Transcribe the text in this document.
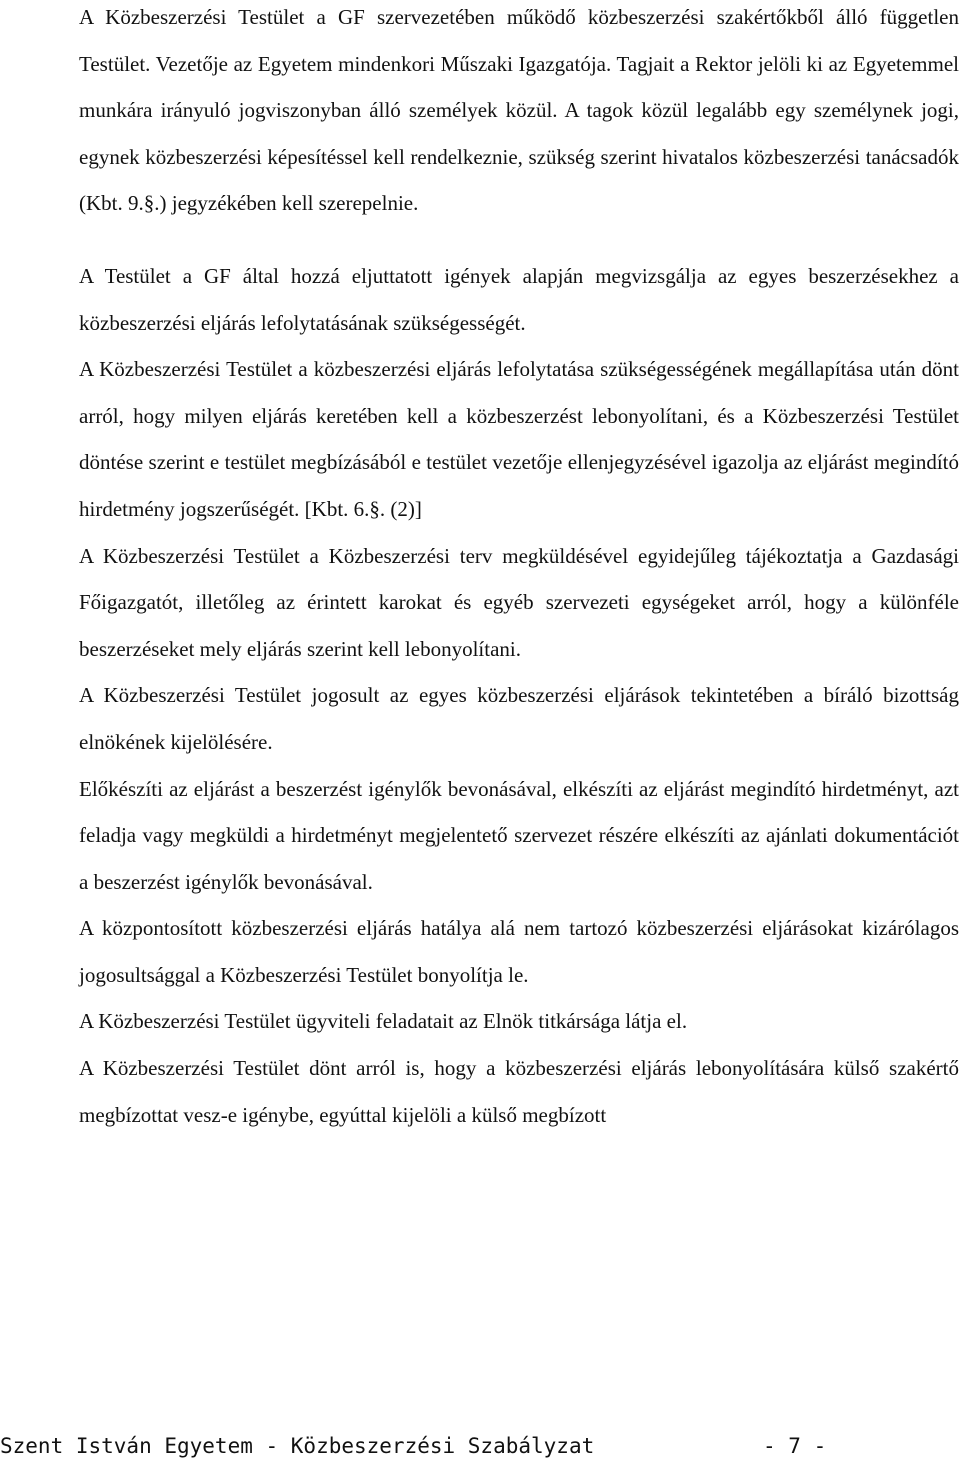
A Közbeszerzési Testület a GF szervezetében működő közbeszerzési szakértőkből álló független Testület. Vezetője az Egyetem mindenkori Műszaki Igazgatója. Tagjait a Rektor jelöli ki az Egyetemmel munkára irányuló jogviszonyban álló személyek közül. A tagok közül legalább egy személynek jogi, egynek közbeszerzési képesítéssel kell rendelkeznie, szükség szerint hivatalos közbeszerzési tanácsadók (Kbt. 9.§.) jegyzékében kell szerepelnie.

A Testület a GF által hozzá eljuttatott igények alapján megvizsgálja az egyes beszerzésekhez a közbeszerzési eljárás lefolytatásának szükségességét.

A Közbeszerzési Testület a közbeszerzési eljárás lefolytatása szükségességének megállapítása után dönt arról, hogy milyen eljárás keretében kell a közbeszerzést lebonyolítani, és a Közbeszerzési Testület döntése szerint e testület megbízásából e testület vezetője ellenjegyzésével igazolja az eljárást megindító hirdetmény jogszerűségét. [Kbt. 6.§. (2)]

A Közbeszerzési Testület a Közbeszerzési terv megküldésével egyidejűleg tájékoztatja a Gazdasági Főigazgatót, illetőleg az érintett karokat és egyéb szervezeti egységeket arról, hogy a különféle beszerzéseket mely eljárás szerint kell lebonyolítani.

A Közbeszerzési Testület jogosult az egyes közbeszerzési eljárások tekintetében a bíráló bizottság elnökének kijelölésére.

Előkészíti az eljárást a beszerzést igénylők bevonásával, elkészíti az eljárást megindító hirdetményt, azt feladja vagy megküldi a hirdetményt megjelentető szervezet részére elkészíti az ajánlati dokumentációt a beszerzést igénylők bevonásával.

A központosított közbeszerzési eljárás hatálya alá nem tartozó közbeszerzési eljárásokat kizárólagos jogosultsággal a Közbeszerzési Testület bonyolítja le.

A Közbeszerzési Testület ügyviteli feladatait az Elnök titkársága látja el.

A Közbeszerzési Testület dönt arról is, hogy a közbeszerzési eljárás lebonyolítására külső szakértő megbízottat vesz-e igénybe, egyúttal kijelöli a külső megbízott

Szent István Egyetem - Közbeszerzési Szabályzat	- 7 -
